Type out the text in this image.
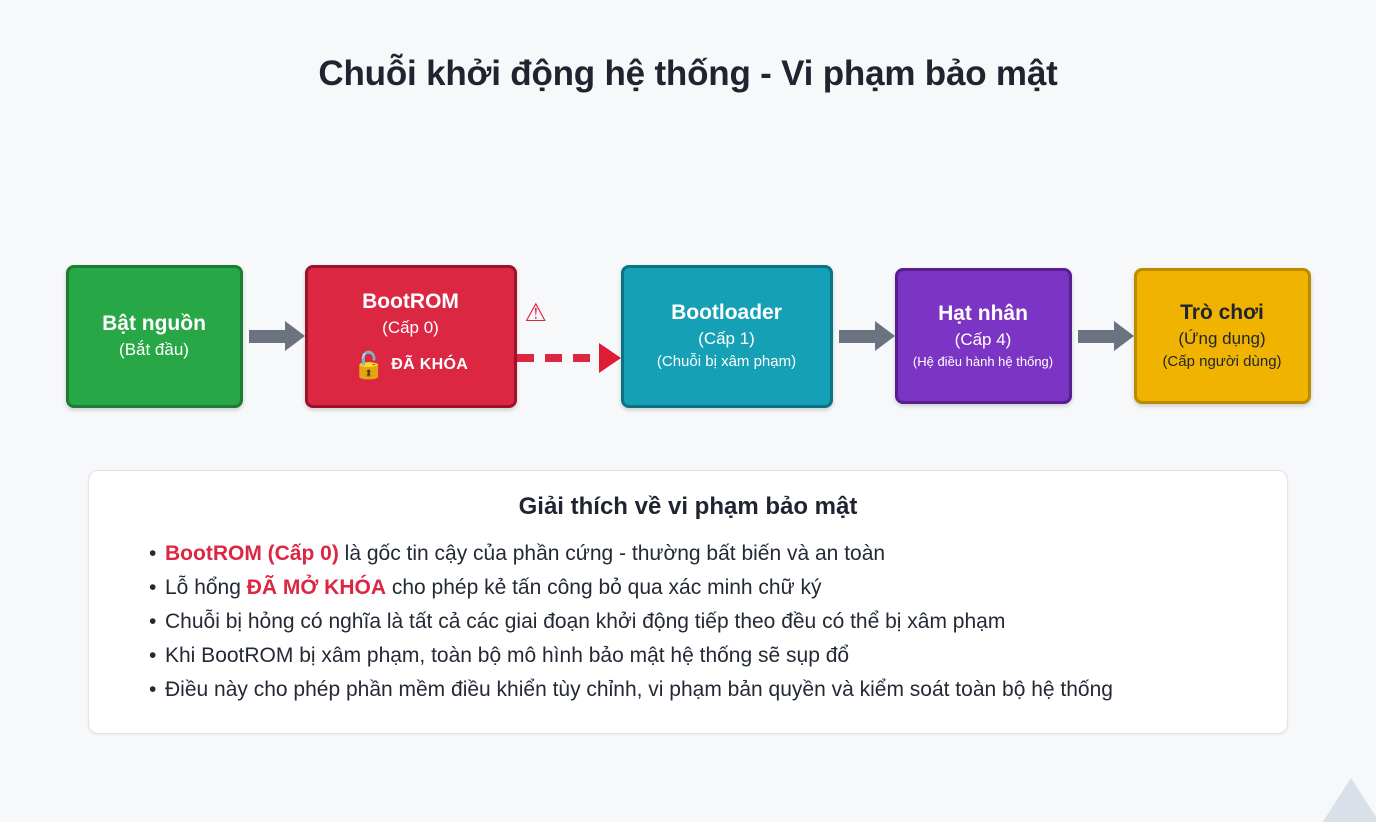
Chuỗi khởi động hệ thống - Vi phạm bảo mật
Bật nguồn
(Bắt đầu)
BootROM
(Cấp 0)
🔓 ĐÃ KHÓA
⚠	Bootloader
(Cấp 1)
(Chuỗi bị xâm phạm)
Hạt nhân
(Cấp 4)
(Hệ điều hành hệ thống)
Trò chơi
(Ứng dụng)
(Cấp người dùng)
Giải thích về vi phạm bảo mật
• BootROM (Cấp 0) là gốc tin cậy của phần cứng - thường bất biến và an toàn
• Lỗ hổng ĐÃ MỞ KHÓA cho phép kẻ tấn công bỏ qua xác minh chữ ký
• Chuỗi bị hỏng có nghĩa là tất cả các giai đoạn khởi động tiếp theo đều có thể bị xâm phạm
• Khi BootROM bị xâm phạm, toàn bộ mô hình bảo mật hệ thống sẽ sụp đổ
• Điều này cho phép phần mềm điều khiển tùy chỉnh, vi phạm bản quyền và kiểm soát toàn bộ hệ thống
